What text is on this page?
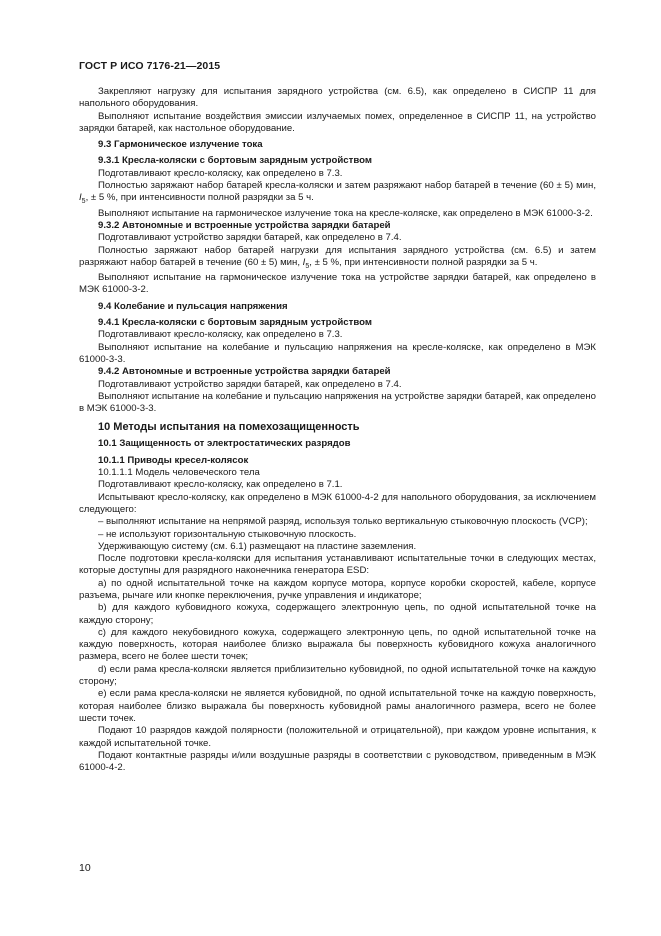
ГОСТ Р ИСО 7176-21—2015

Закрепляют нагрузку для испытания зарядного устройства (см. 6.5), как определено в СИСПР 11 для напольного оборудования.

Выполняют испытание воздействия эмиссии излучаемых помех, определенное в СИСПР 11, на устройство зарядки батарей, как настольное оборудование.

9.3 Гармоническое излучение тока
9.3.1 Кресла-коляски с бортовым зарядным устройством

Подготавливают кресло-коляску, как определено в 7.3.

Полностью заряжают набор батарей кресла-коляски и затем разряжают набор батарей в течение (60 ± 5) мин, $I_5$, ± 5 %, при интенсивности полной разрядки за 5 ч.

Выполняют испытание на гармоническое излучение тока на кресле-коляске, как определено в МЭК 61000-3-2.

9.3.2 Автономные и встроенные устройства зарядки батарей

Подготавливают устройство зарядки батарей, как определено в 7.4.

Полностью заряжают набор батарей нагрузки для испытания зарядного устройства (см. 6.5) и затем разряжают набор батарей в течение (60 ± 5) мин, $I_5$, ± 5 %, при интенсивности полной разрядки за 5 ч.

Выполняют испытание на гармоническое излучение тока на устройстве зарядки батарей, как определено в МЭК 61000-3-2.

9.4 Колебание и пульсация напряжения
9.4.1 Кресла-коляски с бортовым зарядным устройством

Подготавливают кресло-коляску, как определено в 7.3.

Выполняют испытание на колебание и пульсацию напряжения на кресле-коляске, как определено в МЭК 61000-3-3.

9.4.2 Автономные и встроенные устройства зарядки батарей

Подготавливают устройство зарядки батарей, как определено в 7.4.

Выполняют испытание на колебание и пульсацию напряжения на устройстве зарядки батарей, как определено в МЭК 61000-3-3.

10 Методы испытания на помехозащищенность
10.1 Защищенность от электростатических разрядов
10.1.1 Приводы кресел-колясок
10.1.1.1 Модель человеческого тела

Подготавливают кресло-коляску, как определено в 7.1.

Испытывают кресло-коляску, как определено в МЭК 61000-4-2 для напольного оборудования, за исключением следующего:

– выполняют испытание на непрямой разряд, используя только вертикальную стыковочную плоскость (VCP);

– не используют горизонтальную стыковочную плоскость.

Удерживающую систему (см. 6.1) размещают на пластине заземления.

После подготовки кресла-коляски для испытания устанавливают испытательные точки в следующих местах, которые доступны для разрядного наконечника генератора ESD:

а) по одной испытательной точке на каждом корпусе мотора, корпусе коробки скоростей, кабеле, корпусе разъема, рычаге или кнопке переключения, ручке управления и индикаторе;

b) для каждого кубовидного кожуха, содержащего электронную цепь, по одной испытательной точке на каждую сторону;

c) для каждого некубовидного кожуха, содержащего электронную цепь, по одной испытательной точке на каждую поверхность, которая наиболее близко выражала бы поверхность кубовидного кожуха аналогичного размера, всего не более шести точек;

d) если рама кресла-коляски является приблизительно кубовидной, по одной испытательной точке на каждую сторону;

e) если рама кресла-коляски не является кубовидной, по одной испытательной точке на каждую поверхность, которая наиболее близко выражала бы поверхность кубовидной рамы аналогичного размера, всего не более шести точек.

Подают 10 разрядов каждой полярности (положительной и отрицательной), при каждом уровне испытания, к каждой испытательной точке.

Подают контактные разряды и/или воздушные разряды в соответствии с руководством, приведенным в МЭК 61000-4-2.

10
